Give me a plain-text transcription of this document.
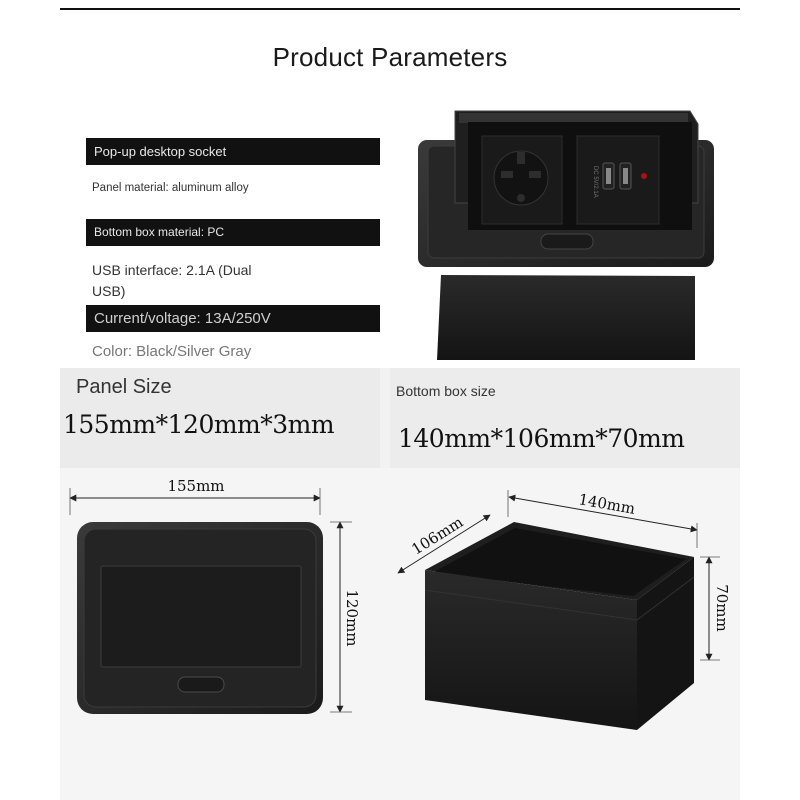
Product Parameters
Pop-up desktop socket
Panel material: aluminum alloy
Bottom box material: PC
USB interface: 2.1A (Dual
USB)
Current/voltage: 13A/250V
Color: Black/Silver Gray
Panel Size
155mm*120mm*3mm
Bottom box size
140mm*106mm*70mm
DC 5V/2.1A
155mm
120mm
140mm
106mm
70mm
